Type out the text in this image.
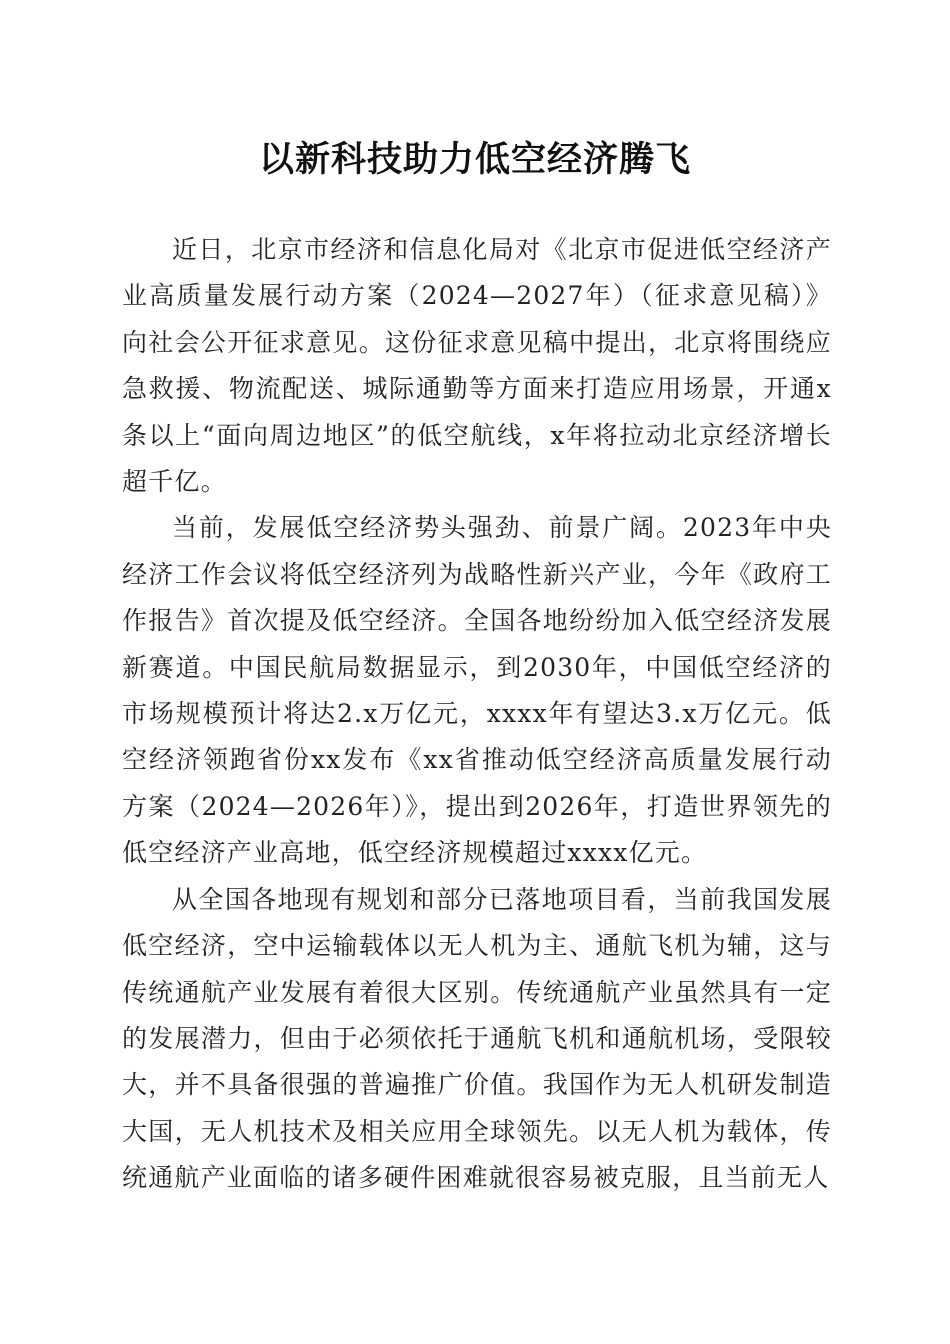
以新科技助力低空经济腾飞

近日，北京市经济和信息化局对《北京市促进低空经济产业高质量发展行动方案（2024—2027年）（征求意见稿）》向社会公开征求意见。这份征求意见稿中提出，北京将围绕应急救援、物流配送、城际通勤等方面来打造应用场景，开通x条以上“面向周边地区”的低空航线，x年将拉动北京经济增长超千亿。

当前，发展低空经济势头强劲、前景广阔。2023年中央经济工作会议将低空经济列为战略性新兴产业，今年《政府工作报告》首次提及低空经济。全国各地纷纷加入低空经济发展新赛道。中国民航局数据显示，到2030年，中国低空经济的市场规模预计将达2.x万亿元，xxxx年有望达3.x万亿元。低空经济领跑省份xx发布《xx省推动低空经济高质量发展行动方案（2024—2026年）》，提出到2026年，打造世界领先的低空经济产业高地，低空经济规模超过xxxx亿元。

从全国各地现有规划和部分已落地项目看，当前我国发展低空经济，空中运输载体以无人机为主、通航飞机为辅，这与传统通航产业发展有着很大区别。传统通航产业虽然具有一定的发展潜力，但由于必须依托于通航飞机和通航机场，受限较大，并不具备很强的普遍推广价值。我国作为无人机研发制造大国，无人机技术及相关应用全球领先。以无人机为载体，传统通航产业面临的诸多硬件困难就很容易被克服，且当前无人
